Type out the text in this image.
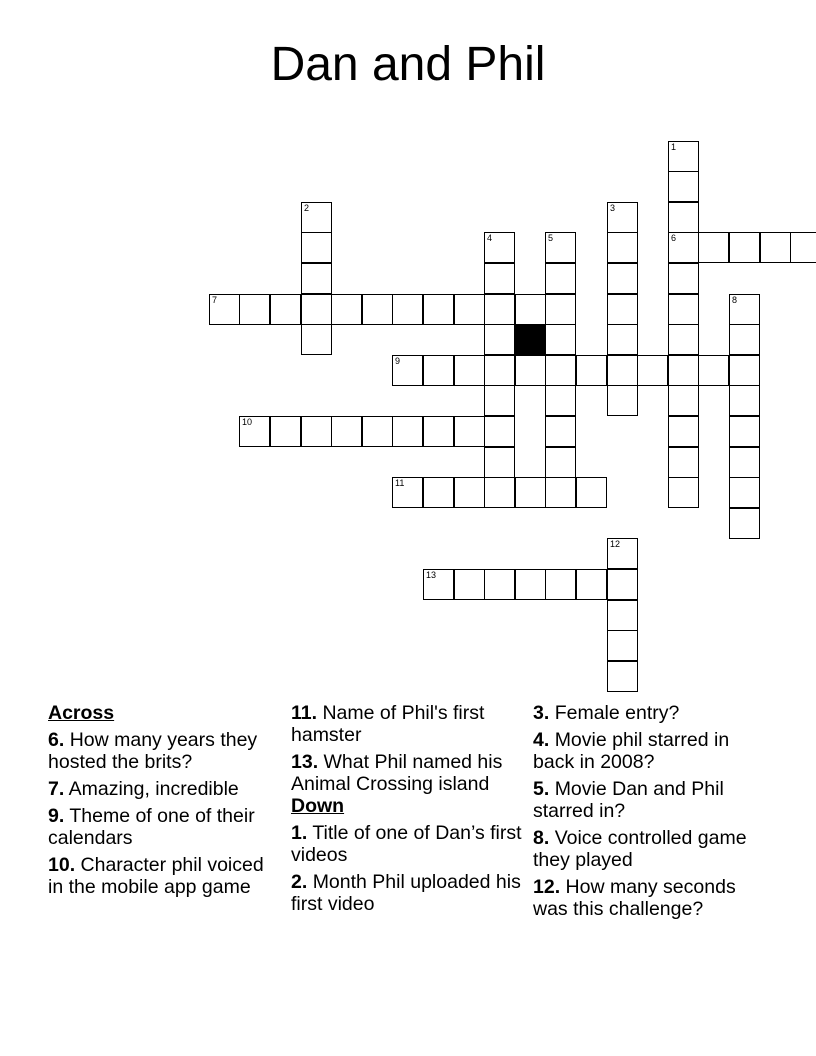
Dan and Phil
1
6
2	3
4	5
7	8
9
10
11
12
13
Across
6. How many years they hosted the brits?
7. Amazing, incredible
9. Theme of one of their calendars
10. Character phil voiced in the mobile app game
11. Name of Phil's first hamster
13. What Phil named his Animal Crossing island
Down
1. Title of one of Dan’s first videos
2. Month Phil uploaded his first video
3. Female entry?
4. Movie phil starred in back in 2008?
5. Movie Dan and Phil starred in?
8. Voice controlled game they played
12. How many seconds was this challenge?
